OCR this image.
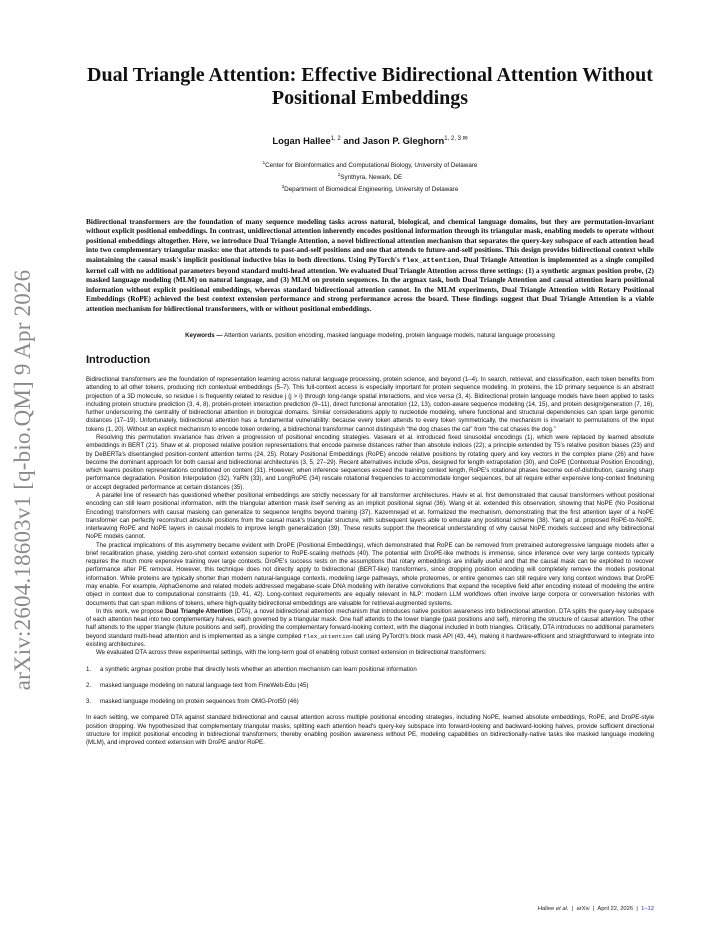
arXiv:2604.18603v1 [q-bio.QM] 9 Apr 2026
Dual Triangle Attention: Effective Bidirectional Attention Without Positional Embeddings
Logan Hallee$^{1, 2}$ and Jason P. Gleghorn$^{1, 2, 3 ✉}$
$^1$Center for Bioinformatics and Computational Biology, University of Delaware
$^2$Synthyra, Newark, DE
$^3$Department of Biomedical Engineering, University of Delaware
Bidirectional transformers are the foundation of many sequence modeling tasks across natural, biological, and chemical language domains, but they are permutation-invariant without explicit positional embeddings. In contrast, unidirectional attention inherently encodes positional information through its triangular mask, enabling models to operate without positional embeddings altogether. Here, we introduce Dual Triangle Attention, a novel bidirectional attention mechanism that separates the query-key subspace of each attention head into two complementary triangular masks: one that attends to past-and-self positions and one that attends to future-and-self positions. This design provides bidirectional context while maintaining the causal mask's implicit positional inductive bias in both directions. Using PyTorch's flex_attention, Dual Triangle Attention is implemented as a single compiled kernel call with no additional parameters beyond standard multi-head attention. We evaluated Dual Triangle Attention across three settings: (1) a synthetic argmax position probe, (2) masked language modeling (MLM) on natural language, and (3) MLM on protein sequences. In the argmax task, both Dual Triangle Attention and causal attention learn positional information without explicit positional embeddings, whereas standard bidirectional attention cannot. In the MLM experiments, Dual Triangle Attention with Rotary Positional Embeddings (RoPE) achieved the best context extension performance and strong performance across the board. These findings suggest that Dual Triangle Attention is a viable attention mechanism for bidirectional transformers, with or without positional embeddings.
Keywords — Attention variants, position encoding, masked language modeling, protein language models, natural language processing
Introduction

Bidirectional transformers are the foundation of representation learning across natural language processing, protein science, and beyond (1–4). In search, retrieval, and classification, each token benefits from attending to all other tokens, producing rich contextual embeddings (5–7). This full-context access is especially important for protein sequence modeling. In proteins, the 1D primary sequence is an abstract projection of a 3D molecule, so residue i is frequently related to residue j (j > i) through long-range spatial interactions, and vice versa (3, 4). Bidirectional protein language models have been applied to tasks including protein structure prediction (3, 4, 8), protein-protein interaction prediction (9–11), direct functional annotation (12, 13), codon-aware sequence modeling (14, 15), and protein design/generation (7, 16), further underscoring the centrality of bidirectional attention in biological domains. Similar considerations apply to nucleotide modeling, where functional and structural dependencies can span large genomic distances (17–19). Unfortunately, bidirectional attention has a fundamental vulnerability: because every token attends to every token symmetrically, the mechanism is invariant to permutations of the input tokens (1, 20). Without an explicit mechanism to encode token ordering, a bidirectional transformer cannot distinguish “the dog chases the cat” from “the cat chases the dog.”

Resolving this permutation invariance has driven a progression of positional encoding strategies. Vaswani et al. introduced fixed sinusoidal encodings (1), which were replaced by learned absolute embeddings in BERT (21). Shaw et al. proposed relative position representations that encode pairwise distances rather than absolute indices (22), a principle extended by T5's relative position biases (23) and by DeBERTa's disentangled position-content attention terms (24, 25). Rotary Positional Embeddings (RoPE) encode relative positions by rotating query and key vectors in the complex plane (26) and have become the dominant approach for both causal and bidirectional architectures (3, 5, 27–29). Recent alternatives include xPos, designed for length extrapolation (30), and CoPE (Contextual Position Encoding), which learns position representations conditioned on content (31). However, when inference sequences exceed the training context length, RoPE's rotational phases become out-of-distribution, causing sharp performance degradation. Position Interpolation (32), YaRN (33), and LongRoPE (34) rescale rotational frequencies to accommodate longer sequences, but all require either expensive long-context finetuning or accept degraded performance at certain distances (35).

A parallel line of research has questioned whether positional embeddings are strictly necessary for all transformer architectures. Haviv et al. first demonstrated that causal transformers without positional encoding can still learn positional information, with the triangular attention mask itself serving as an implicit positional signal (36). Wang et al. extended this observation, showing that NoPE (No Positional Encoding) transformers with causal masking can generalize to sequence lengths beyond training (37). Kazemnejad et al. formalized the mechanism, demonstrating that the first attention layer of a NoPE transformer can perfectly reconstruct absolute positions from the causal mask's triangular structure, with subsequent layers able to emulate any positional scheme (38). Yang et al. proposed RoPE-to-NoPE, interleaving RoPE and NoPE layers in causal models to improve length generalization (39). These results support the theoretical understanding of why causal NoPE models succeed and why bidirectional NoPE models cannot.

The practical implications of this asymmetry became evident with DroPE (Positional Embeddings), which demonstrated that RoPE can be removed from pretrained autoregressive language models after a brief recalibration phase, yielding zero-shot context extension superior to RoPE-scaling methods (40). The potential with DroPE-like methods is immense, since inference over very large contexts typically requires the much more expensive training over large contexts. DroPE's success rests on the assumptions that rotary embeddings are initially useful and that the causal mask can be exploited to recover performance after PE removal. However, this technique does not directly apply to bidirectional (BERT-like) transformers, since dropping position encoding will completely remove the models positional information. While proteins are typically shorter than modern natural-language contexts, modeling large pathways, whole proteomes, or entire genomes can still require very long context windows that DroPE may enable. For example, AlphaGenome and related models addressed megabase-scale DNA modeling with iterative convolutions that expand the receptive field after encoding instead of modeling the entire object in context due to computational constraints (19, 41, 42). Long-context requirements are equally relevant in NLP: modern LLM workflows often involve large corpora or conversation histories with documents that can span millions of tokens, where high-quality bidirectional embeddings are valuable for retrieval-augmented systems.

In this work, we propose Dual Triangle Attention (DTA), a novel bidirectional attention mechanism that introduces native position awareness into bidirectional attention. DTA splits the query-key subspace of each attention head into two complementary halves, each governed by a triangular mask. One half attends to the lower triangle (past positions and self), mirroring the structure of causal attention. The other half attends to the upper triangle (future positions and self), providing the complementary forward-looking context, with the diagonal included in both triangles. Critically, DTA introduces no additional parameters beyond standard multi-head attention and is implemented as a single compiled flex_attention call using PyTorch's block mask API (43, 44), making it hardware-efficient and straightforward to integrate into existing architectures.

We evaluated DTA across three experimental settings, with the long-term goal of enabling robust context extension in bidirectional transformers:

1. a synthetic argmax position probe that directly tests whether an attention mechanism can learn positional information
2. masked language modeling on natural language text from FineWeb-Edu (45)
3. masked language modeling on protein sequences from OMG-Prot50 (46)

In each setting, we compared DTA against standard bidirectional and causal attention across multiple positional encoding strategies, including NoPE, learned absolute embeddings, RoPE, and DroPE-style position dropping. We hypothesized that complementary triangular masks, splitting each attention head's query-key subspace into forward-looking and backward-looking halves, provide sufficient directional structure for implicit positional encoding in bidirectional transformers; thereby enabling position awareness without PE, modeling capabilities on bidirectionally-native tasks like masked language modeling (MLM), and improved context extension with DroPE and/or RoPE.

Hallee et al. | arXiv | April 22, 2026 | 1–12
